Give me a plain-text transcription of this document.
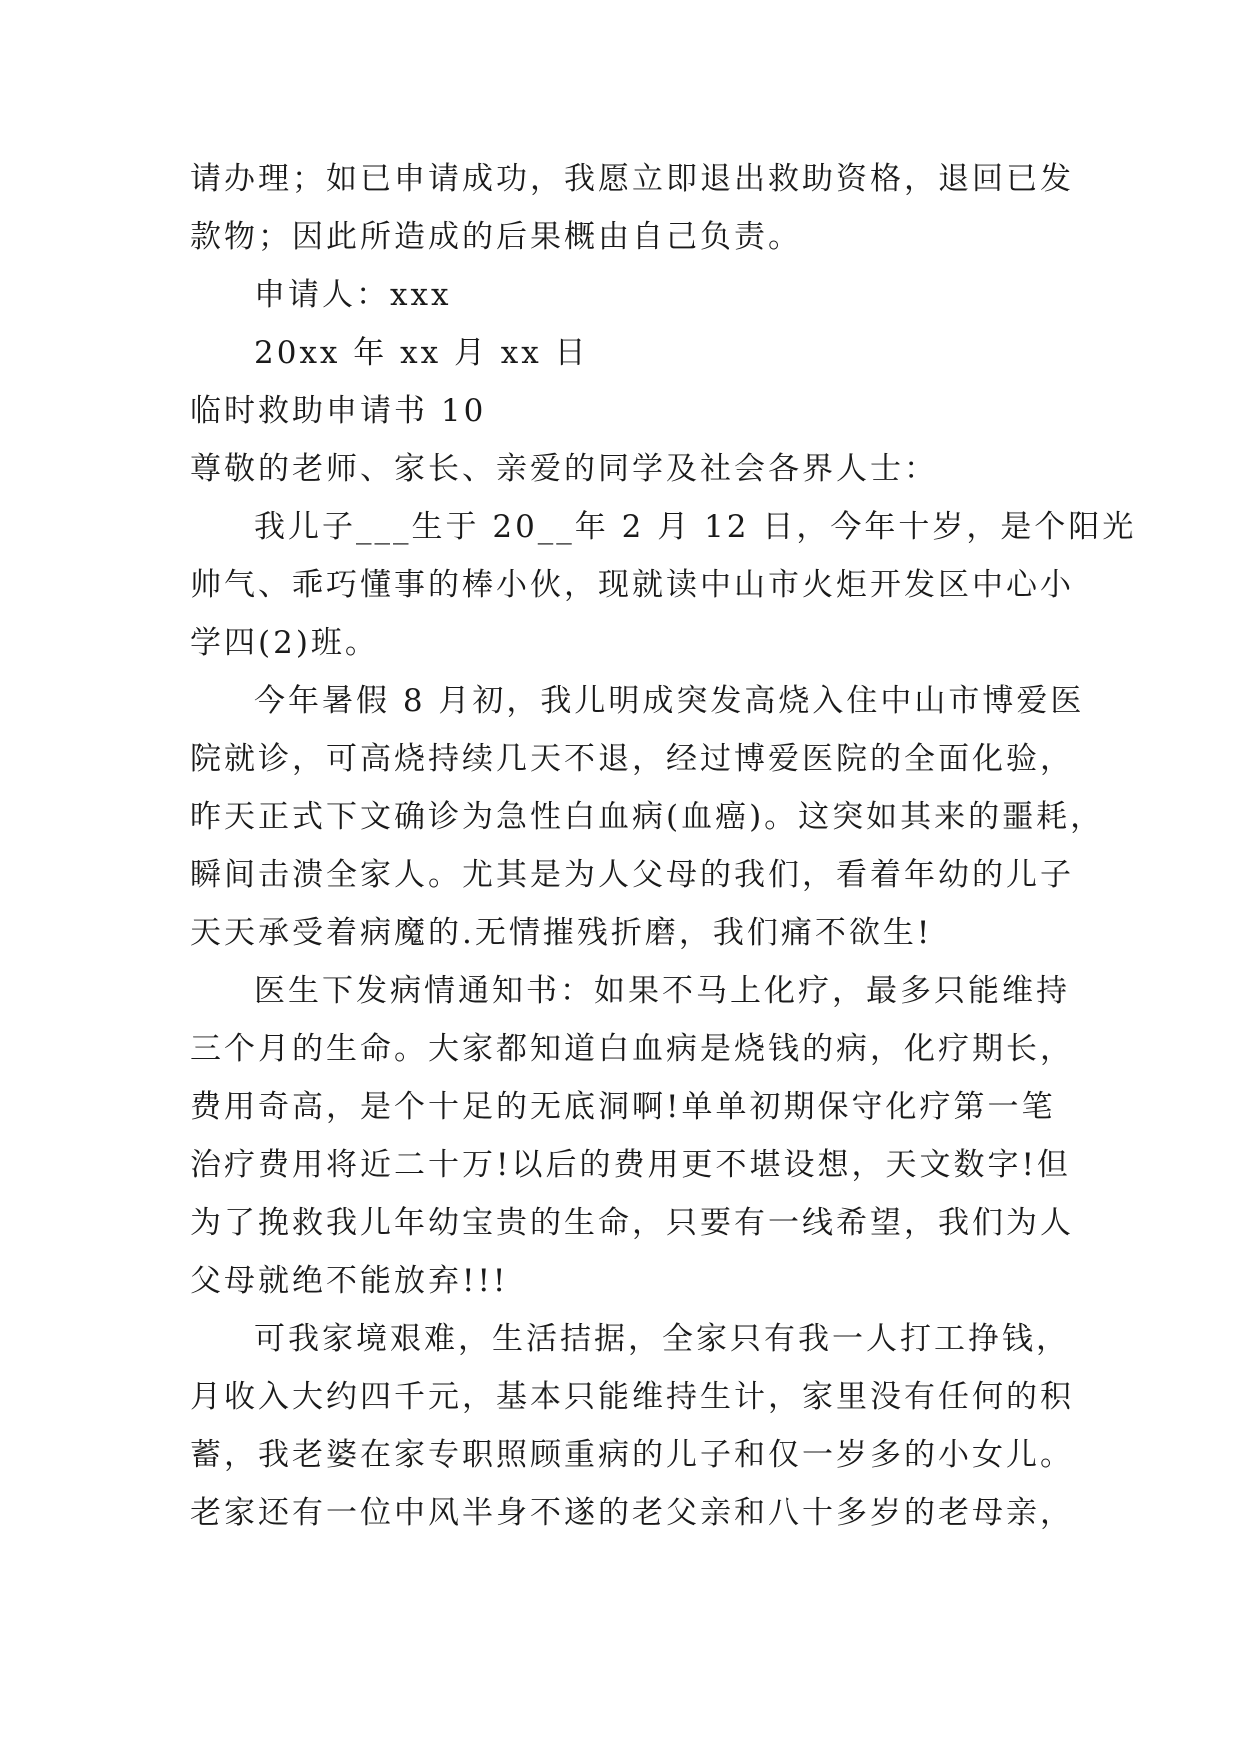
请办理；如已申请成功，我愿立即退出救助资格，退回已发
款物；因此所造成的后果概由自己负责。
申请人：xxx
20xx 年 xx 月 xx 日
临时救助申请书 10
尊敬的老师、家长、亲爱的同学及社会各界人士：
我儿子___生于 20__年 2 月 12 日，今年十岁，是个阳光
帅气、乖巧懂事的棒小伙，现就读中山市火炬开发区中心小
学四(2)班。
今年暑假 8 月初，我儿明成突发高烧入住中山市博爱医
院就诊，可高烧持续几天不退，经过博爱医院的全面化验，
昨天正式下文确诊为急性白血病(血癌)。这突如其来的噩耗，
瞬间击溃全家人。尤其是为人父母的我们，看着年幼的儿子
天天承受着病魔的.无情摧残折磨，我们痛不欲生!
医生下发病情通知书：如果不马上化疗，最多只能维持
三个月的生命。大家都知道白血病是烧钱的病，化疗期长，
费用奇高，是个十足的无底洞啊!单单初期保守化疗第一笔
治疗费用将近二十万!以后的费用更不堪设想，天文数字!但
为了挽救我儿年幼宝贵的生命，只要有一线希望，我们为人
父母就绝不能放弃!!!
可我家境艰难，生活拮据，全家只有我一人打工挣钱，
月收入大约四千元，基本只能维持生计，家里没有任何的积
蓄，我老婆在家专职照顾重病的儿子和仅一岁多的小女儿。
老家还有一位中风半身不遂的老父亲和八十多岁的老母亲，
